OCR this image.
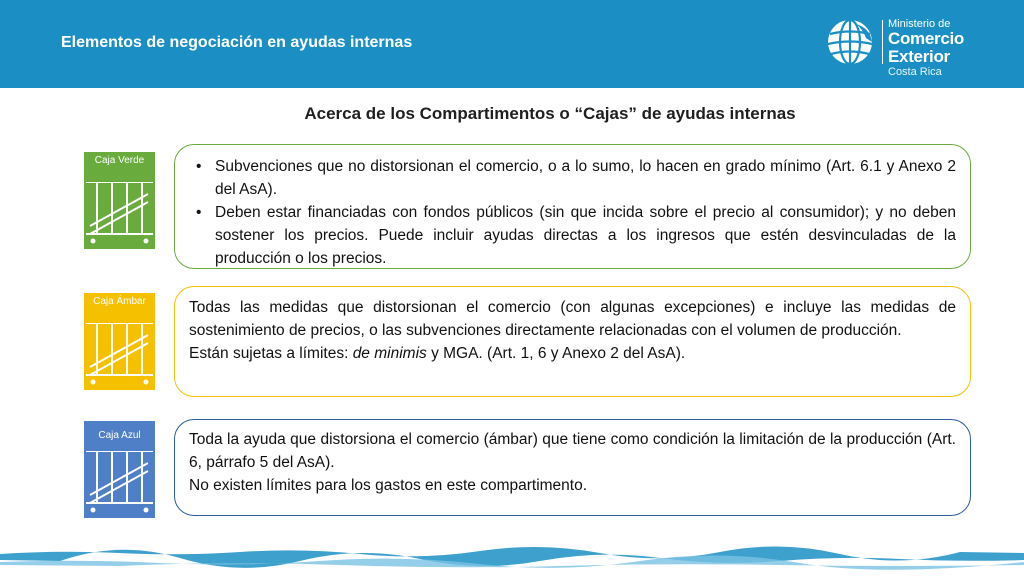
Elementos de negociación en ayudas internas
Ministerio de
Comercio Exterior
Costa Rica
Acerca de los Compartimentos o “Cajas” de ayudas internas
Caja Verde
Caja Ámbar
Caja Azul
• Subvenciones que no distorsionan el comercio, o a lo sumo, lo hacen en grado mínimo (Art. 6.1 y Anexo 2 del AsA).
• Deben estar financiadas con fondos públicos (sin que incida sobre el precio al consumidor); y no deben sostener los precios. Puede incluir ayudas directas a los ingresos que estén desvinculadas de la producción o los precios.

Todas las medidas que distorsionan el comercio (con algunas excepciones) e incluye las medidas de sostenimiento de precios, o las subvenciones directamente relacionadas con el volumen de producción.

Están sujetas a límites: de minimis y MGA. (Art. 1, 6 y Anexo 2 del AsA).

Toda la ayuda que distorsiona el comercio (ámbar) que tiene como condición la limitación de la producción (Art. 6, párrafo 5 del AsA).

No existen límites para los gastos en este compartimento.
